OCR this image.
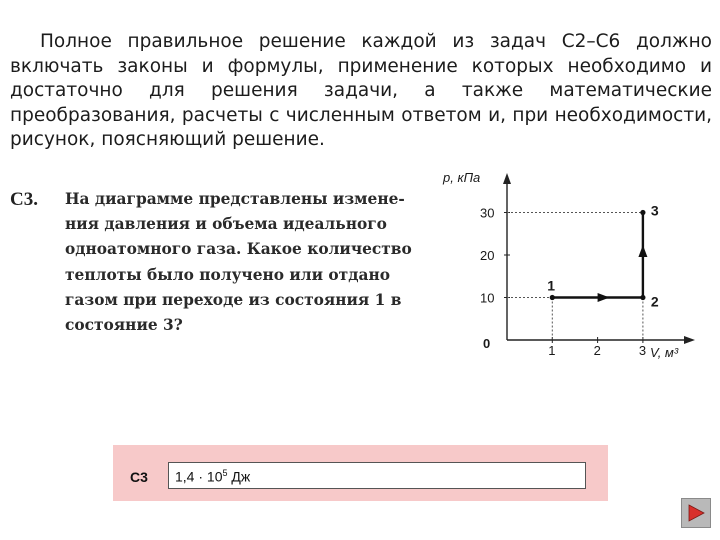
Полное правильное решение каждой из задач С2–С6 должно включать законы и формулы, применение которых необходимо и достаточно для решения задачи, а также математические преобразования, расчеты с численным ответом и, при необходимости, рисунок, поясняющий решение.

С3. На диаграмме представлены измене-
ния давления и объема идеального
одноатомного газа. Какое количество
теплоты было получено или отдано
газом при переходе из состояния 1 в
состояние 3?

p, кПа
V, м³
0	1	2	3
10
20
30
1
2
3
С3	$1,4 \cdot 10^5$ Дж
